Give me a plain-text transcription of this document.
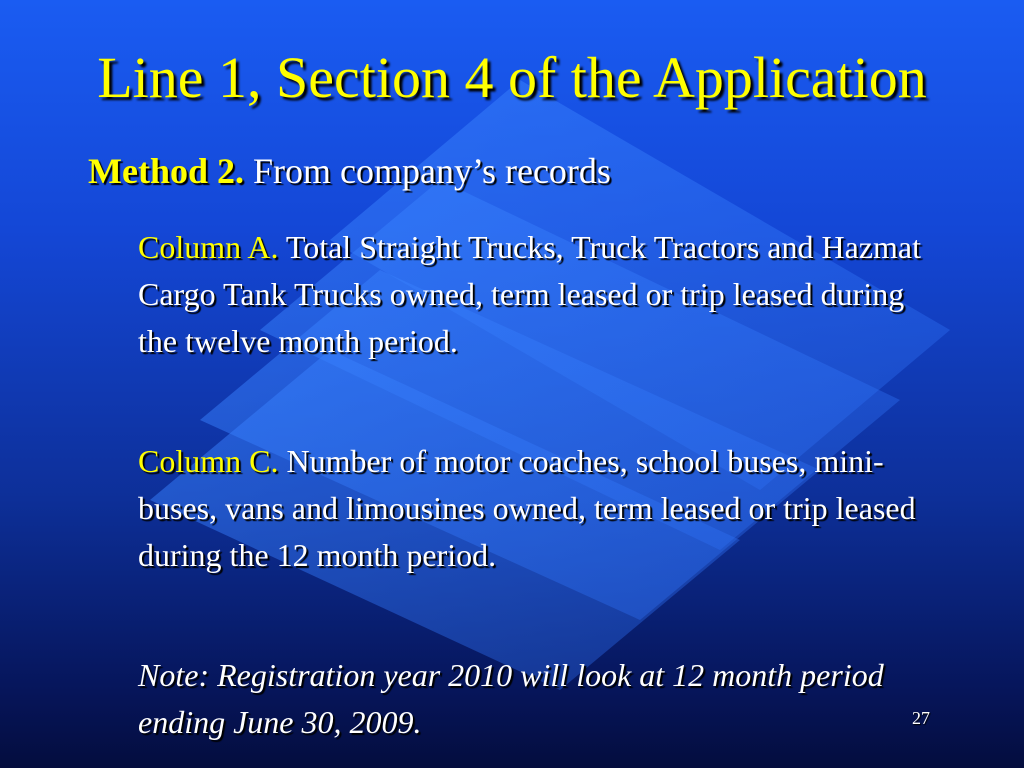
Line 1, Section 4 of the Application
Method 2. From company’s records
Column A. Total Straight Trucks, Truck Tractors and Hazmat Cargo Tank Trucks owned, term leased or trip leased during the twelve month period.
Column C. Number of motor coaches, school buses, mini-buses, vans and limousines owned, term leased or trip leased during the 12 month period.
Note: Registration year 2010 will look at 12 month period ending June 30, 2009.	27
